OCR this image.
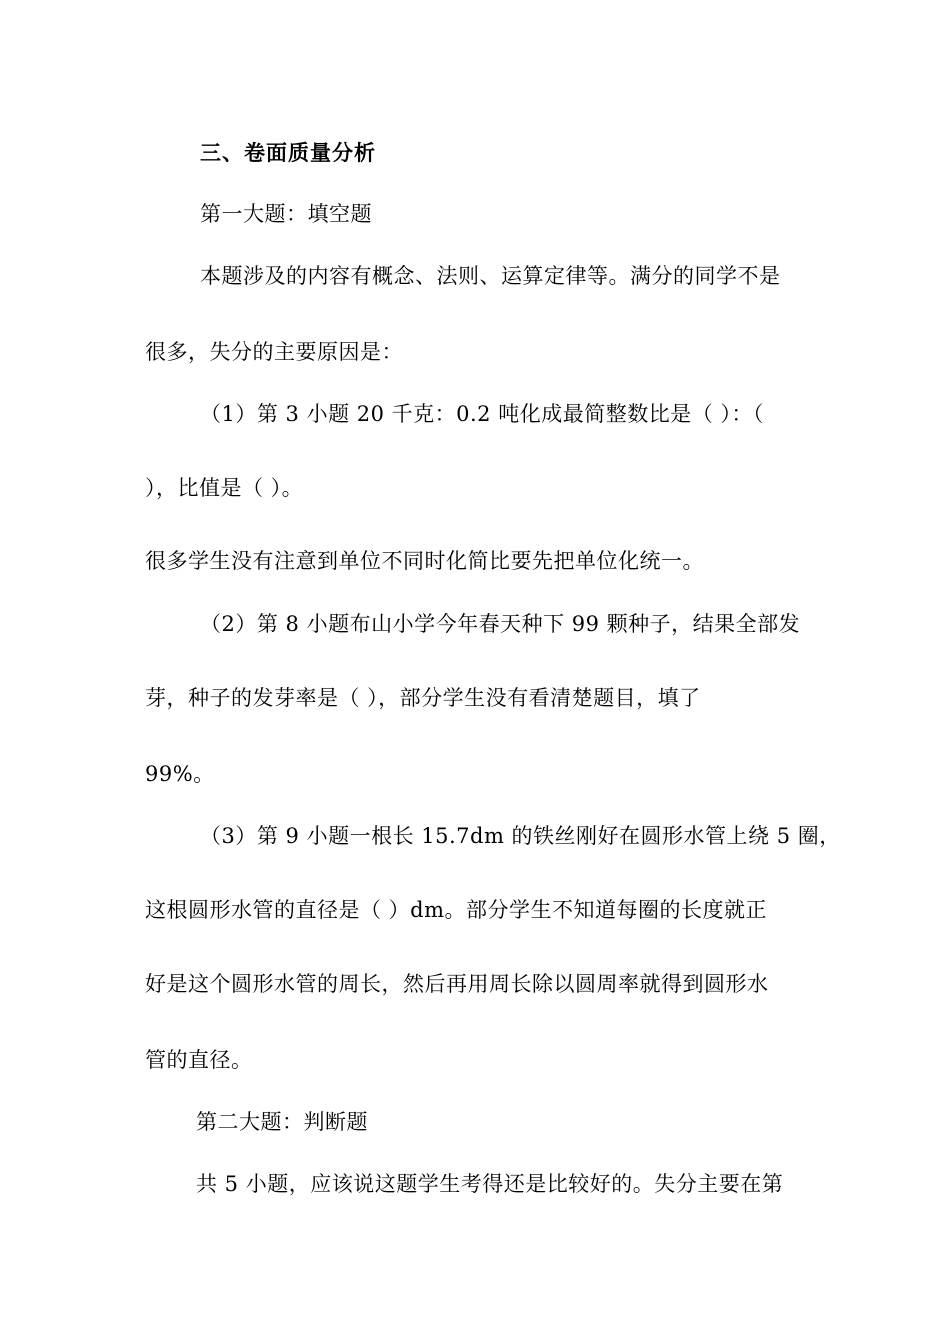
三、卷面质量分析
第一大题：填空题
本题涉及的内容有概念、法则、运算定律等。满分的同学不是
很多，失分的主要原因是：
（1）第 3 小题 20 千克：0.2 吨化成最简整数比是（ ）：（
），比值是（ ）。
很多学生没有注意到单位不同时化简比要先把单位化统一。
（2）第 8 小题布山小学今年春天种下 99 颗种子，结果全部发
芽，种子的发芽率是（ ），部分学生没有看清楚题目，填了
99%。
（3）第 9 小题一根长 15.7dm 的铁丝刚好在圆形水管上绕 5 圈，
这根圆形水管的直径是（ ）dm。部分学生不知道每圈的长度就正
好是这个圆形水管的周长，然后再用周长除以圆周率就得到圆形水
管的直径。
第二大题：判断题
共 5 小题，应该说这题学生考得还是比较好的。失分主要在第
